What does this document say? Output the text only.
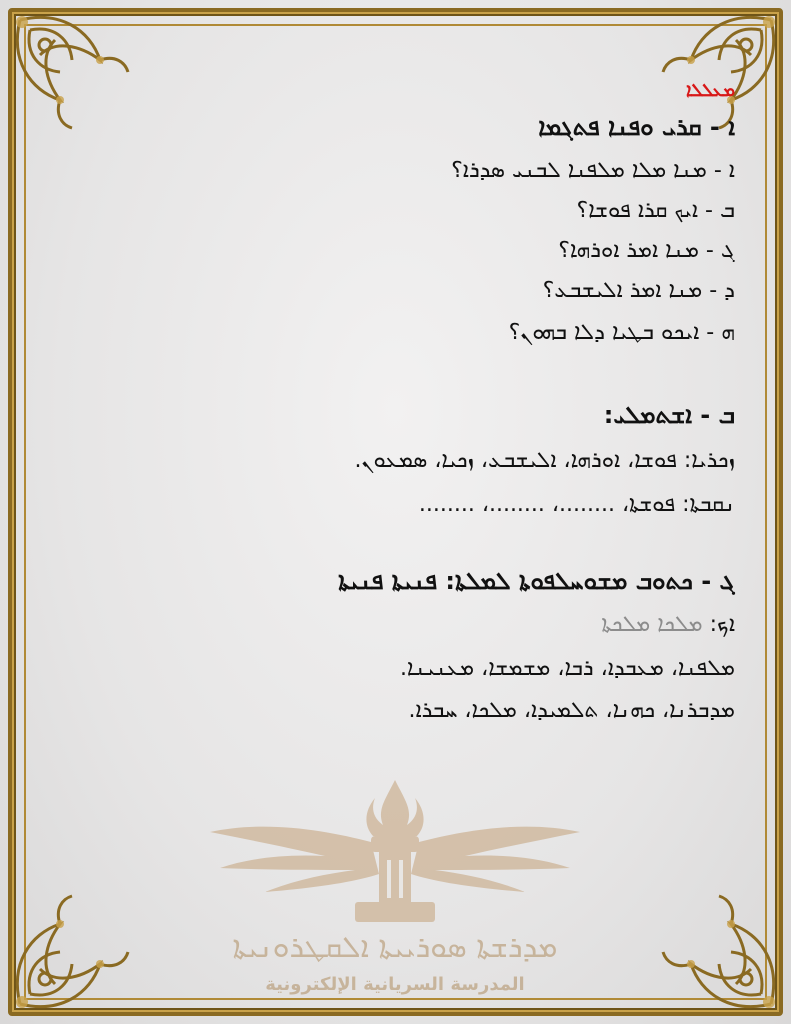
ܡܥܠܠܐ
ܐ - ܩܪܝ ܘܦܢܐ ܦܬܓܡܐ
ܐ - ܡܢܐ ܡܠܐ ܡܠܦܢܐ ܠܒܢܝ ܣܕܪܐ؟
ܒ - ܐܝܟ ܩܪܐ ܦܘܫܐ؟
ܓ - ܡܢܐ ܐܡܪ ܐܘܪܗܐ؟
ܕ - ܡܢܐ ܐܡܪ ܐܠܝܫܒܥ؟
ܗ - ܐܝܟܘ ܒܛܝܐ ܕܠܐ ܒܗܘܢ؟
ܒ - ܐܫܬܡܠܝ:
ܙܟܪܝܐ: ܦܘܫܐ، ܐܘܪܗܐ، ܐܠܝܫܒܥ، ܙܟܝܐ، ܣܡܥܘܢ.
ܢܩܒܬܐ: ܦܘܫܬܐ، ........، ........، ........
ܓ - ܟܬܘܒ ܡܫܘܚܠܦܘܬܐ ܠܡܠܬܐ: ܦܢܝܬܐ ܦܢܝܬܐ
ܐܟ: ܡܠܟܐ ܡܠܟܬܐ
ܡܠܦܢܐ، ܡܥܒܕܐ، ܪܒܐ، ܡܫܡܫܐ، ܡܥܢܝܢܐ.
ܡܕܒܪܢܐ، ܟܗܢܐ، ܬܠܡܝܕܐ، ܡܠܟܐ، ܚܒܪܐ.
ܡܕܪܫܬܐ ܣܘܪܝܝܬܐ ܐܠܩܛܪܘܢܝܬܐ
المدرسة السريانية الإلكترونية
